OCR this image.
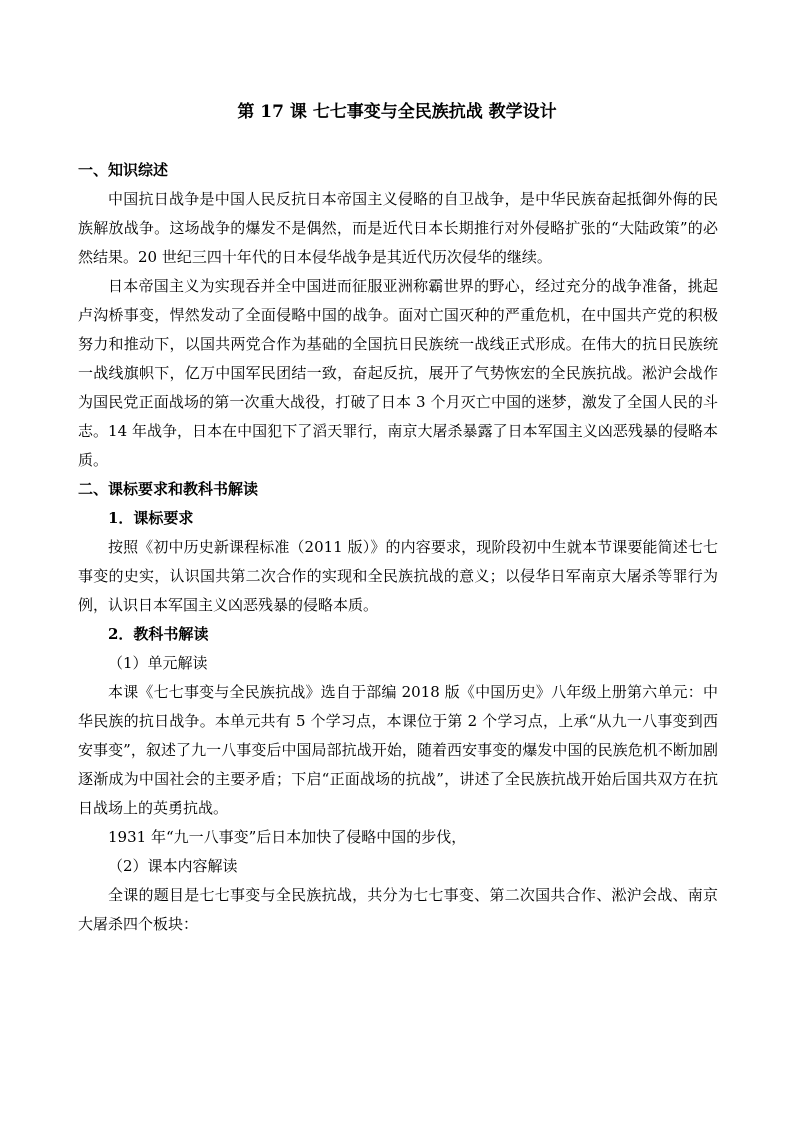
第 17 课 七七事变与全民族抗战 教学设计

一、知识综述

中国抗日战争是中国人民反抗日本帝国主义侵略的自卫战争，是中华民族奋起抵御外侮的民族解放战争。这场战争的爆发不是偶然，而是近代日本长期推行对外侵略扩张的“大陆政策”的必然结果。20 世纪三四十年代的日本侵华战争是其近代历次侵华的继续。

日本帝国主义为实现吞并全中国进而征服亚洲称霸世界的野心，经过充分的战争准备，挑起卢沟桥事变，悍然发动了全面侵略中国的战争。面对亡国灭种的严重危机，在中国共产党的积极努力和推动下，以国共两党合作为基础的全国抗日民族统一战线正式形成。在伟大的抗日民族统一战线旗帜下，亿万中国军民团结一致，奋起反抗，展开了气势恢宏的全民族抗战。淞沪会战作为国民党正面战场的第一次重大战役，打破了日本 3 个月灭亡中国的迷梦，激发了全国人民的斗志。14 年战争，日本在中国犯下了滔天罪行，南京大屠杀暴露了日本军国主义凶恶残暴的侵略本质。

二、课标要求和教科书解读

1．课标要求

按照《初中历史新课程标准（2011 版）》的内容要求，现阶段初中生就本节课要能简述七七事变的史实，认识国共第二次合作的实现和全民族抗战的意义；以侵华日军南京大屠杀等罪行为例，认识日本军国主义凶恶残暴的侵略本质。

2．教科书解读

（1）单元解读

本课《七七事变与全民族抗战》选自于部编 2018 版《中国历史》八年级上册第六单元：中华民族的抗日战争。本单元共有 5 个学习点，本课位于第 2 个学习点，上承“从九一八事变到西安事变”，叙述了九一八事变后中国局部抗战开始，随着西安事变的爆发中国的民族危机不断加剧逐渐成为中国社会的主要矛盾；下启“正面战场的抗战”，讲述了全民族抗战开始后国共双方在抗日战场上的英勇抗战。

1931 年“九一八事变”后日本加快了侵略中国的步伐，

（2）课本内容解读

全课的题目是七七事变与全民族抗战，共分为七七事变、第二次国共合作、淞沪会战、南京大屠杀四个板块：
